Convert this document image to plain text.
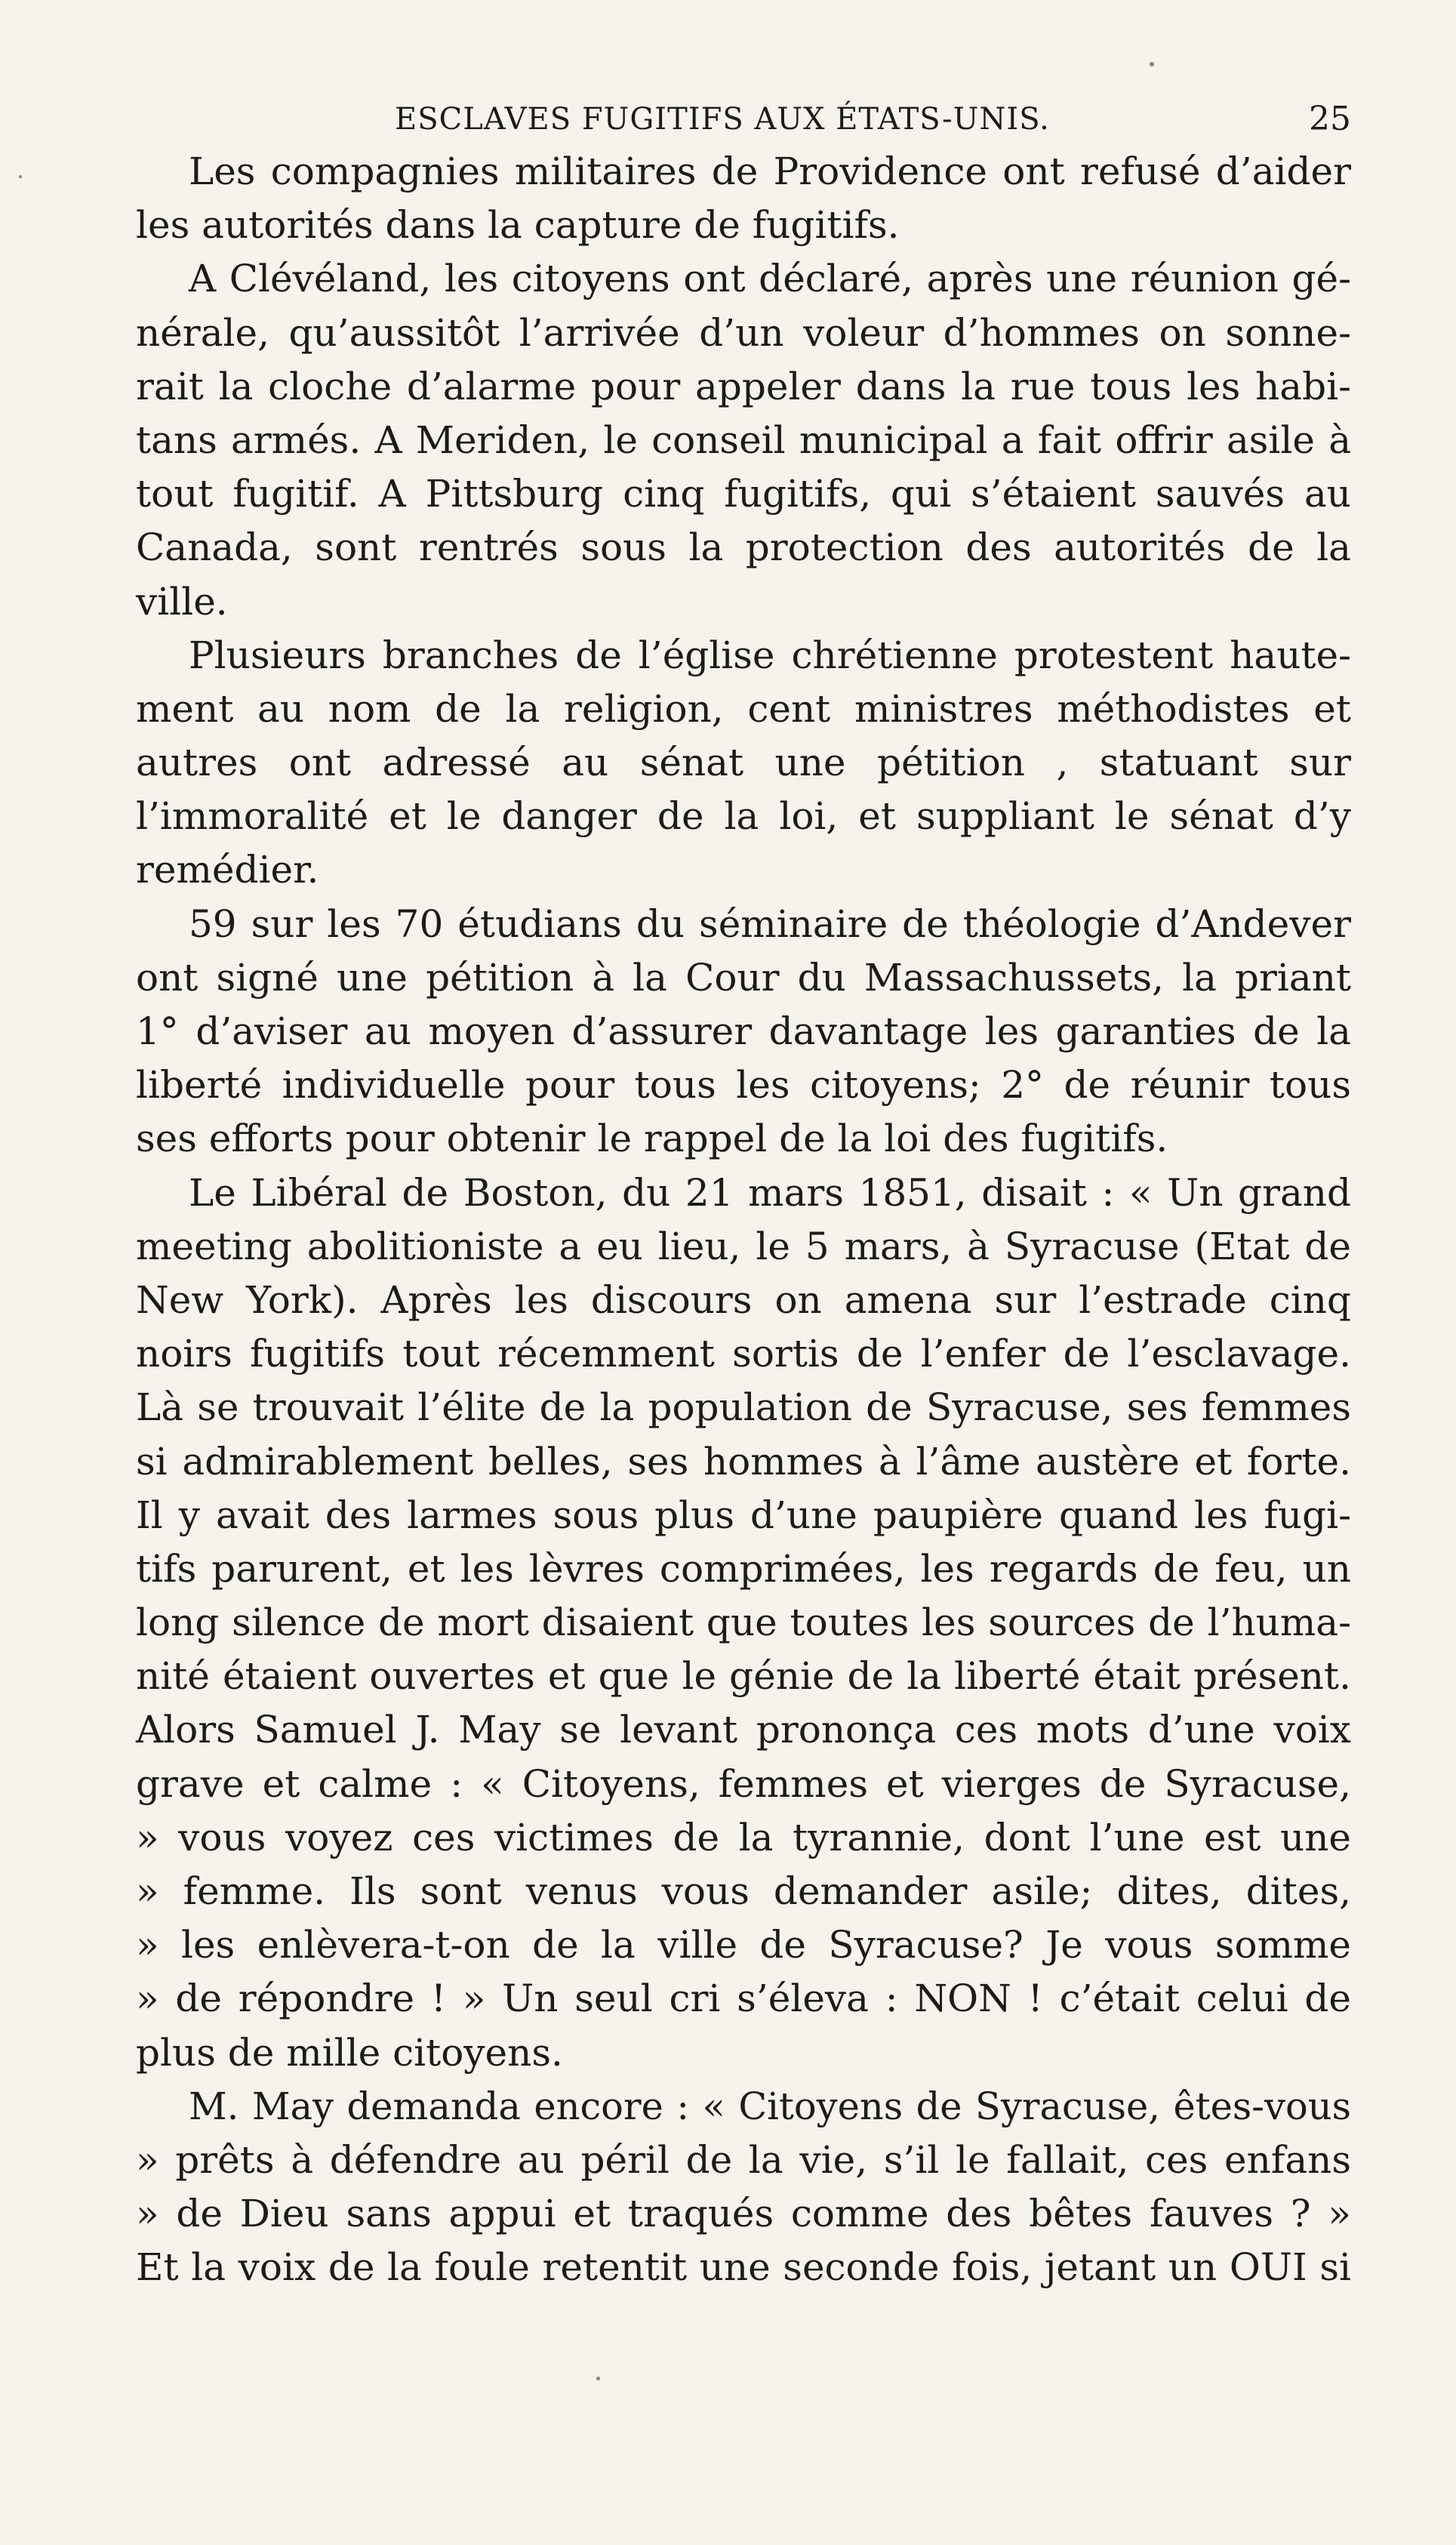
ESCLAVES FUGITIFS AUX ÉTATS-UNIS.	25
Les compagnies militaires de Providence ont refusé d’aider
les autorités dans la capture de fugitifs.
A Clévéland, les citoyens ont déclaré, après une réunion gé-
nérale, qu’aussitôt l’arrivée d’un voleur d’hommes on sonne-
rait la cloche d’alarme pour appeler dans la rue tous les habi-
tans armés. A Meriden, le conseil municipal a fait offrir asile à
tout fugitif. A Pittsburg cinq fugitifs, qui s’étaient sauvés au
Canada, sont rentrés sous la protection des autorités de la
ville.
Plusieurs branches de l’église chrétienne protestent haute-
ment au nom de la religion, cent ministres méthodistes et
autres ont adressé au sénat une pétition , statuant sur
l’immoralité et le danger de la loi, et suppliant le sénat d’y
remédier.
59 sur les 70 étudians du séminaire de théologie d’Andever
ont signé une pétition à la Cour du Massachussets, la priant
1° d’aviser au moyen d’assurer davantage les garanties de la
liberté individuelle pour tous les citoyens; 2° de réunir tous
ses efforts pour obtenir le rappel de la loi des fugitifs.
Le Libéral de Boston, du 21 mars 1851, disait : « Un grand
meeting abolitioniste a eu lieu, le 5 mars, à Syracuse (Etat de
New York). Après les discours on amena sur l’estrade cinq
noirs fugitifs tout récemment sortis de l’enfer de l’esclavage.
Là se trouvait l’élite de la population de Syracuse, ses femmes
si admirablement belles, ses hommes à l’âme austère et forte.
Il y avait des larmes sous plus d’une paupière quand les fugi-
tifs parurent, et les lèvres comprimées, les regards de feu, un
long silence de mort disaient que toutes les sources de l’huma-
nité étaient ouvertes et que le génie de la liberté était présent.
Alors Samuel J. May se levant prononça ces mots d’une voix
grave et calme : « Citoyens, femmes et vierges de Syracuse,
» vous voyez ces victimes de la tyrannie, dont l’une est une
» femme. Ils sont venus vous demander asile; dites, dites,
» les enlèvera-t-on de la ville de Syracuse? Je vous somme
» de répondre ! » Un seul cri s’éleva : NON ! c’était celui de
plus de mille citoyens.
M. May demanda encore : « Citoyens de Syracuse, êtes-vous
» prêts à défendre au péril de la vie, s’il le fallait, ces enfans
» de Dieu sans appui et traqués comme des bêtes fauves ? »
Et la voix de la foule retentit une seconde fois, jetant un OUI si
